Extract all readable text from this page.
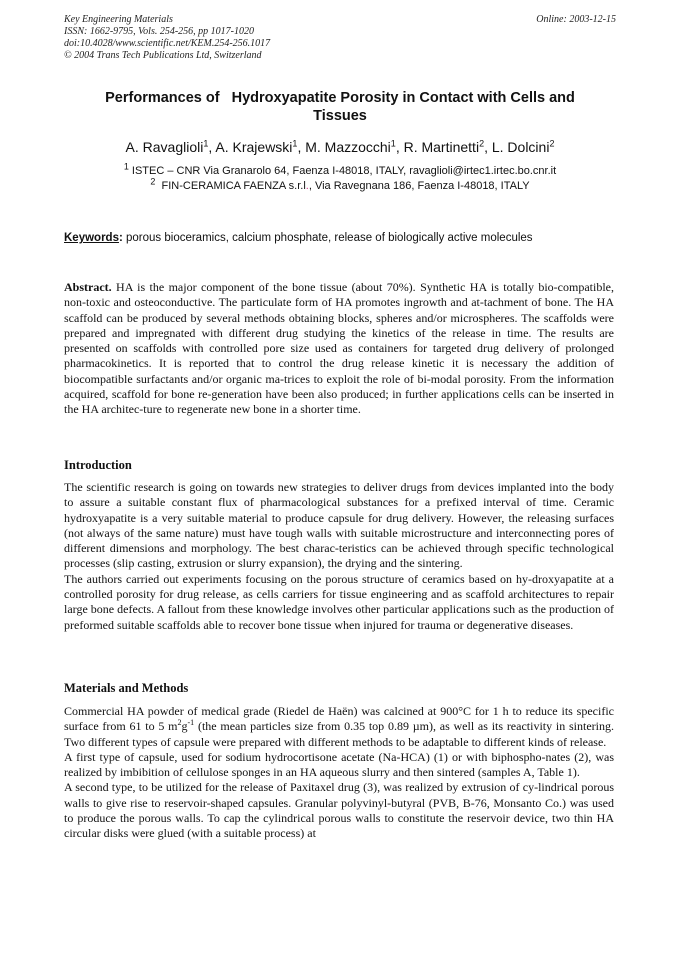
Key Engineering Materials
ISSN: 1662-9795, Vols. 254-256, pp 1017-1020
doi:10.4028/www.scientific.net/KEM.254-256.1017
© 2004 Trans Tech Publications Ltd, Switzerland
Online: 2003-12-15
Performances of   Hydroxyapatite Porosity in Contact with Cells and
Tissues
A. Ravaglioli$^1$, A. Krajewski$^1$, M. Mazzocchi$^1$, R. Martinetti$^2$, L. Dolcini$^2$
$^1$ ISTEC – CNR Via Granarolo 64, Faenza I-48018, ITALY, ravaglioli@irtec1.irtec.bo.cnr.it
$^2$ FIN-CERAMICA FAENZA s.r.l., Via Ravegnana 186, Faenza I-48018, ITALY
Keywords: porous bioceramics, calcium phosphate, release of biologically active molecules

Abstract. HA is the major component of the bone tissue (about 70%). Synthetic HA is totally bio-compatible, non-toxic and osteoconductive. The particulate form of HA promotes ingrowth and at-tachment of bone. The HA scaffold can be produced by several methods obtaining blocks, spheres and/or microspheres. The scaffolds were prepared and impregnated with different drug studying the kinetics of the release in time. The results are presented on scaffolds with controlled pore size used as containers for targeted drug delivery of prolonged pharmacokinetics. It is reported that to control the drug release kinetic it is necessary the addition of biocompatible surfactants and/or organic ma-trices to exploit the role of bi-modal porosity. From the information acquired, scaffold for bone re-generation have been also produced; in further applications cells can be inserted in the HA architec-ture to regenerate new bone in a shorter time.

Introduction

The scientific research is going on towards new strategies to deliver drugs from devices implanted into the body to assure a suitable constant flux of pharmacological substances for a prefixed interval of time. Ceramic hydroxyapatite is a very suitable material to produce capsule for drug delivery. However, the releasing surfaces (not always of the same nature) must have tough walls with suitable microstructure and interconnecting pores of different dimensions and morphology. The best charac-teristics can be achieved through specific technological processes (slip casting, extrusion or slurry expansion), the drying and the sintering.

The authors carried out experiments focusing on the porous structure of ceramics based on hy-droxyapatite at a controlled porosity for drug release, as cells carriers for tissue engineering and as scaffold architectures to repair large bone defects. A fallout from these knowledge involves other particular applications such as the production of preformed suitable scaffolds able to recover bone tissue when injured for trauma or degenerative diseases.

Materials and Methods

Commercial HA powder of medical grade (Riedel de Haën) was calcined at 900°C for 1 h to reduce its specific surface from 61 to 5 $m^2g^{-1}$ (the mean particles size from 0.35 top 0.89 µm), as well as its reactivity in sintering. Two different types of capsule were prepared with different methods to be adaptable to different kinds of release.

A first type of capsule, used for sodium hydrocortisone acetate (Na-HCA) (1) or with biphospho-nates (2), was realized by imbibition of cellulose sponges in an HA aqueous slurry and then sintered (samples A, Table 1).

A second type, to be utilized for the release of Paxitaxel drug (3), was realized by extrusion of cy-lindrical porous walls to give rise to reservoir-shaped capsules. Granular polyvinyl-butyral (PVB, B-76, Monsanto Co.) was used to produce the porous walls. To cap the cylindrical porous walls to constitute the reservoir device, two thin HA circular disks were glued (with a suitable process) at
